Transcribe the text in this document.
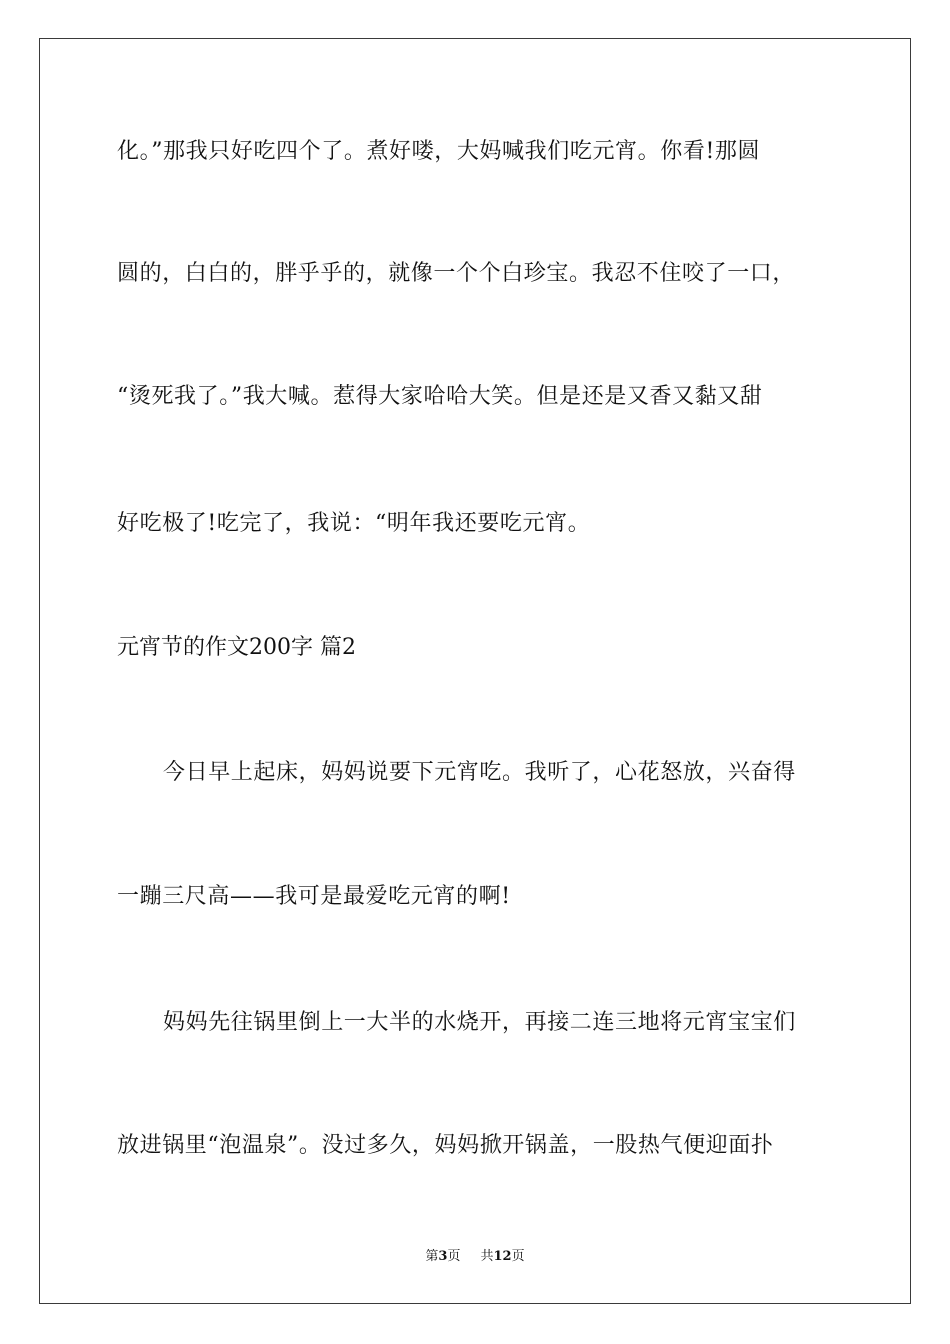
化。”那我只好吃四个了。煮好喽，大妈喊我们吃元宵。你看!那圆
圆的，白白的，胖乎乎的，就像一个个白珍宝。我忍不住咬了一口，
“烫死我了。”我大喊。惹得大家哈哈大笑。但是还是又香又黏又甜
好吃极了!吃完了，我说：“明年我还要吃元宵。
元宵节的作文200字 篇2
今日早上起床，妈妈说要下元宵吃。我听了，心花怒放，兴奋得
一蹦三尺高——我可是最爱吃元宵的啊!
妈妈先往锅里倒上一大半的水烧开，再接二连三地将元宵宝宝们
放进锅里“泡温泉”。没过多久，妈妈掀开锅盖，一股热气便迎面扑
第3页 共12页
